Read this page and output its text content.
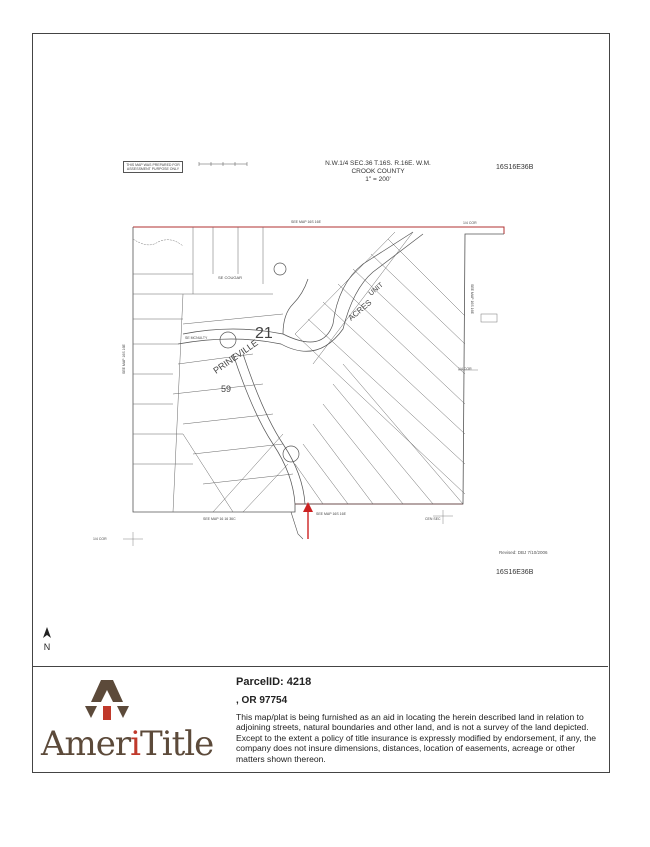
THIS MAP WAS PREPARED FOR ASSESSMENT PURPOSE ONLY
N.W.1/4 SEC.36 T.16S. R.16E. W.M.
CROOK COUNTY
1" = 200'
16S16E36B
21
59
PRINEVILLE
ACRES
UNIT
SE COUGAR
SE MCNULTY
SEE MAP 16S 16E
SEE MAP 16 16 36C
SEE MAP 16S 16E
SEE MAP 16S 16E
SEE MAP 16S 16E
1/4 COR
1/4 COR
1/4 COR
CEN SEC
Revised: DBJ 7/10/2006
16S16E36B
N
AmeriTitle
ParcelID: 4218
, OR 97754
This map/plat is being furnished as an aid in locating the herein described land in relation to adjoining streets, natural boundaries and other land, and is not a survey of the land depicted. Except to the extent a policy of title insurance is expressly modified by endorsement, if any, the company does not insure dimensions, distances, location of easements, acreage or other matters shown thereon.
